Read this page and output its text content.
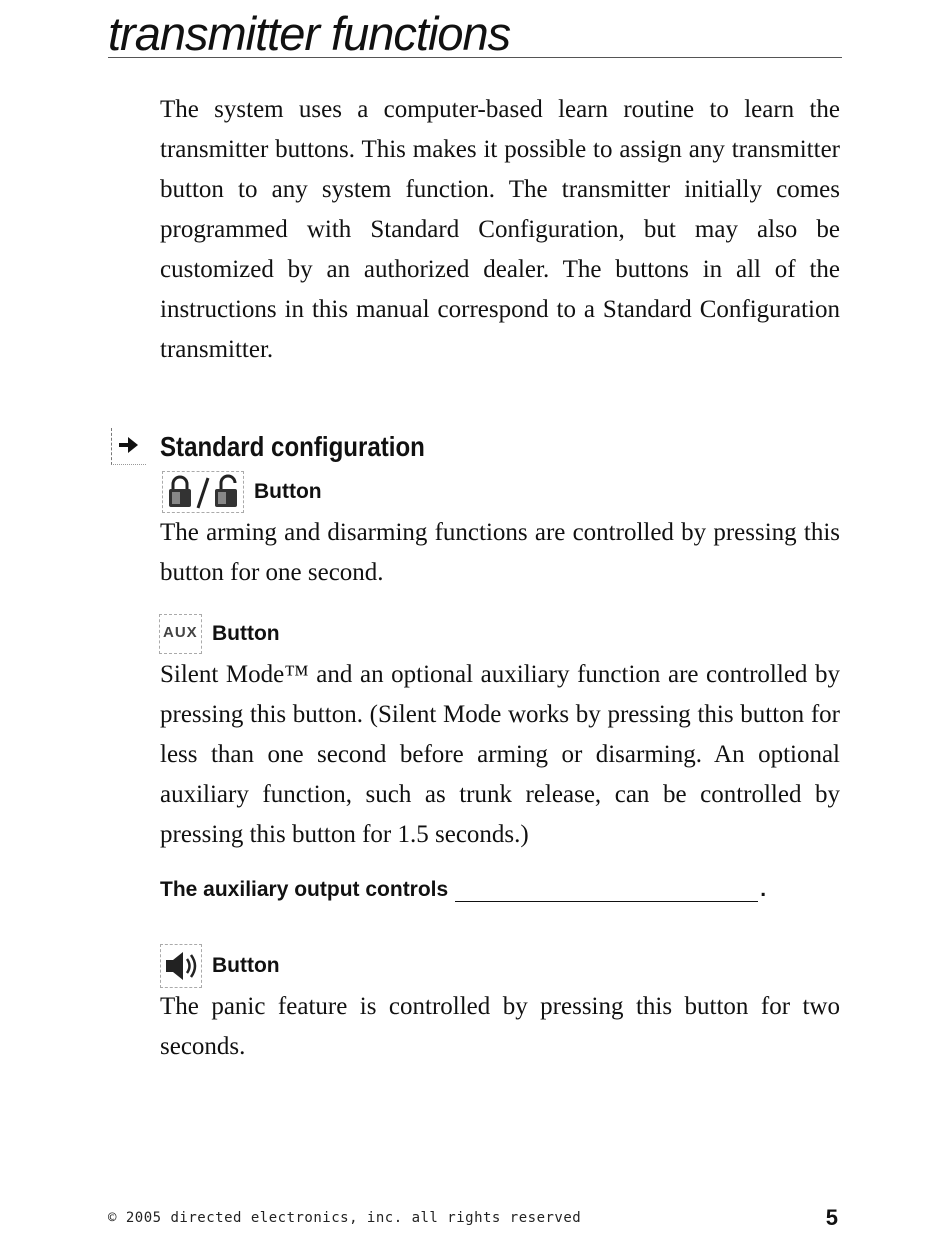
transmitter functions

The system uses a computer-based learn routine to learn the transmitter buttons. This makes it possible to assign any transmitter button to any system function. The transmitter initially comes programmed with Standard Configuration, but may also be customized by an authorized dealer. The buttons in all of the instructions in this manual correspond to a Standard Configuration transmitter.

Standard configuration
Button

The arming and disarming functions are controlled by pressing this button for one second.

AUX Button

Silent Mode™ and an optional auxiliary function are controlled by pressing this button. (Silent Mode works by pressing this button for less than one second before arming or disarming. An optional auxiliary function, such as trunk release, can be controlled by pressing this button for 1.5 seconds.)

The auxiliary output controls	.
Button

The panic feature is controlled by pressing this button for two seconds.

© 2005 directed electronics, inc. all rights reserved	5
